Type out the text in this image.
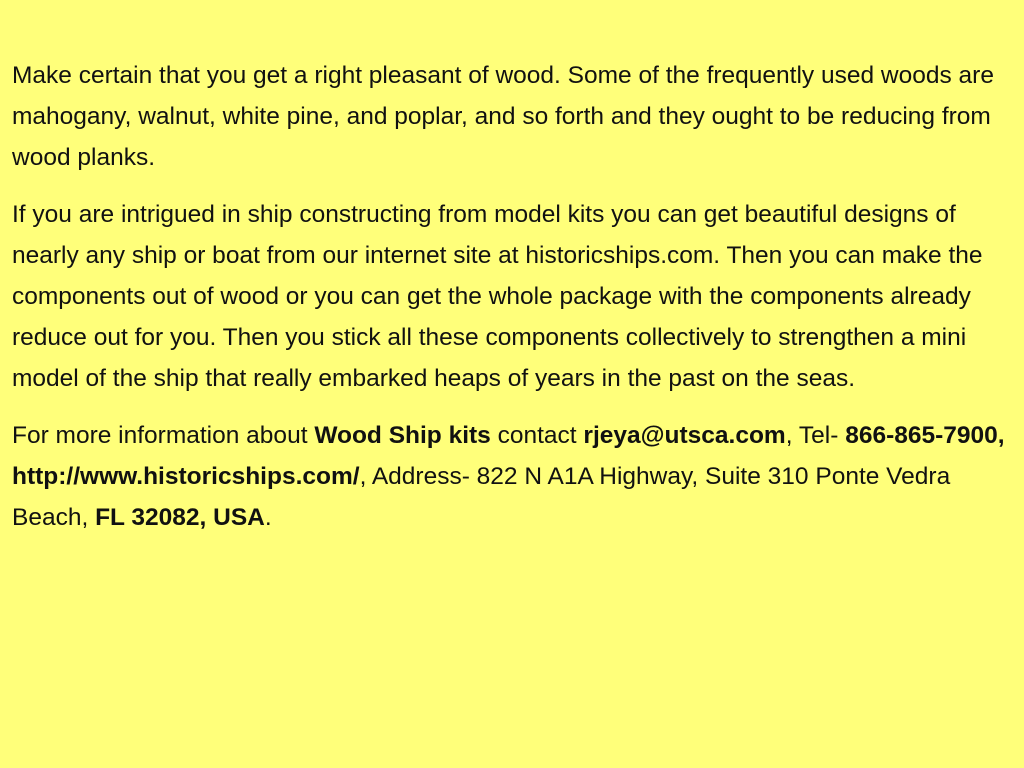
Make certain that you get a right pleasant of wood. Some of the frequently used woods are mahogany, walnut, white pine, and poplar, and so forth and they ought to be reducing from wood planks.

If you are intrigued in ship constructing from model kits you can get beautiful designs of nearly any ship or boat from our internet site at historicships.com. Then you can make the components out of wood or you can get the whole package with the components already reduce out for you. Then you stick all these components collectively to strengthen a mini model of the ship that really embarked heaps of years in the past on the seas.

For more information about Wood Ship kits contact rjeya@utsca.com, Tel- 866-865-7900, http://www.historicships.com/, Address- 822 N A1A Highway, Suite 310 Ponte Vedra Beach, FL 32082, USA.
